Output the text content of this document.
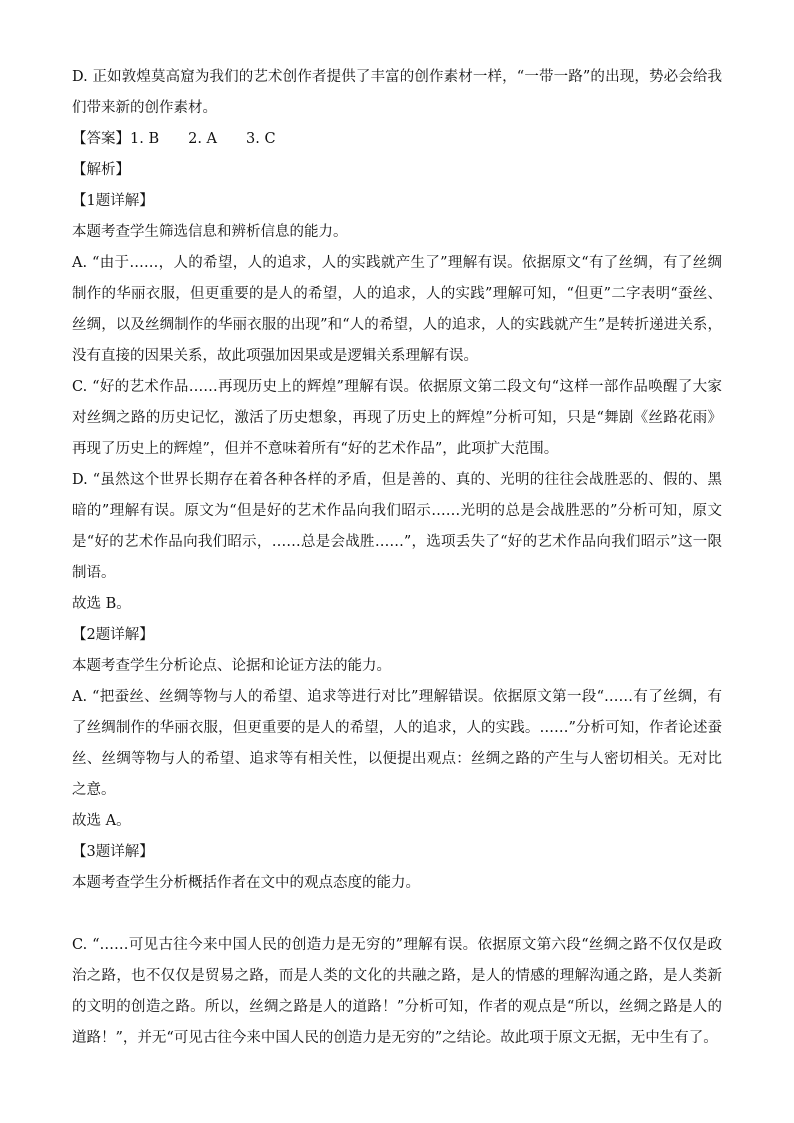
D. 正如敦煌莫高窟为我们的艺术创作者提供了丰富的创作素材一样，“一带一路”的出现，势必会给我们带来新的创作素材。

【答案】1. B　　2. A　　3. C

【解析】

【1题详解】

本题考查学生筛选信息和辨析信息的能力。

A. “由于……，人的希望，人的追求，人的实践就产生了”理解有误。依据原文“有了丝绸，有了丝绸制作的华丽衣服，但更重要的是人的希望，人的追求，人的实践”理解可知，“但更”二字表明“蚕丝、丝绸，以及丝绸制作的华丽衣服的出现”和“人的希望，人的追求，人的实践就产生”是转折递进关系，没有直接的因果关系，故此项强加因果或是逻辑关系理解有误。

C. “好的艺术作品……再现历史上的辉煌”理解有误。依据原文第二段文句“这样一部作品唤醒了大家对丝绸之路的历史记忆，激活了历史想象，再现了历史上的辉煌”分析可知，只是“舞剧《丝路花雨》再现了历史上的辉煌”，但并不意味着所有“好的艺术作品”，此项扩大范围。

D. “虽然这个世界长期存在着各种各样的矛盾，但是善的、真的、光明的往往会战胜恶的、假的、黑暗的”理解有误。原文为“但是好的艺术作品向我们昭示……光明的总是会战胜恶的”分析可知，原文是“好的艺术作品向我们昭示，……总是会战胜……”，选项丢失了“好的艺术作品向我们昭示”这一限制语。

故选 B。

【2题详解】

本题考查学生分析论点、论据和论证方法的能力。

A. “把蚕丝、丝绸等物与人的希望、追求等进行对比”理解错误。依据原文第一段“……有了丝绸，有了丝绸制作的华丽衣服，但更重要的是人的希望，人的追求，人的实践。……”分析可知，作者论述蚕丝、丝绸等物与人的希望、追求等有相关性，以便提出观点：丝绸之路的产生与人密切相关。无对比之意。

故选 A。

【3题详解】

本题考查学生分析概括作者在文中的观点态度的能力。

C. “……可见古往今来中国人民的创造力是无穷的”理解有误。依据原文第六段“丝绸之路不仅仅是政治之路，也不仅仅是贸易之路，而是人类的文化的共融之路，是人的情感的理解沟通之路，是人类新的文明的创造之路。所以，丝绸之路是人的道路！”分析可知，作者的观点是“所以，丝绸之路是人的道路！”，并无“可见古往今来中国人民的创造力是无穷的”之结论。故此项于原文无据，无中生有了。
